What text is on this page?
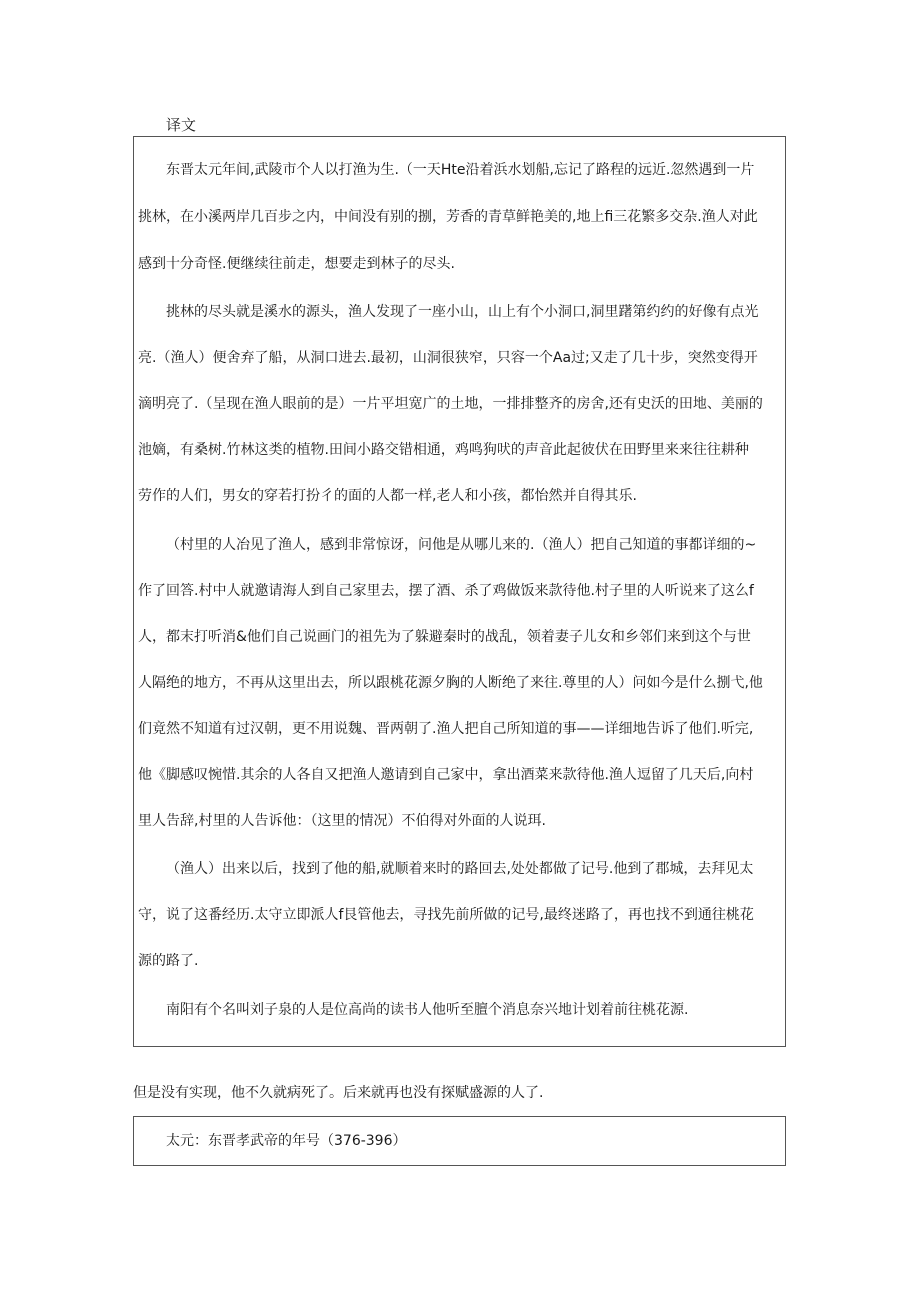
译文
东晋太元年间,武陵市个人以打渔为生.（一天Hte沿着浜水划船,忘记了路程的远近.忽然遇到一片
挑林，在小溪两岸几百步之内，中间没有别的捌，芳香的青草鲜艳美的,地上fi三花繁多交杂.渔人对此
感到十分奇怪.便继续往前走，想要走到林子的尽头.
挑林的尽头就是溪水的源头，渔人发现了一座小山，山上有个小洞口,洞里躇第约约的好像有点光
亮.（渔人）便舍弃了船，从洞口进去.最初，山洞很狭窄，只容一个Aa过;又走了几十步，突然变得开
滴明亮了.（呈现在渔人眼前的是）一片平坦宽广的土地，一排排整齐的房舍,还有史沃的田地、美丽的
池嫡，有桑树.竹林这类的植物.田间小路交错相通，鸡鸣狗吠的声音此起彼伏在田野里来来往往耕种
劳作的人们，男女的穿若打扮彳的面的人都一样,老人和小孩，都怡然并自得其乐.
（村里的人冶见了渔人，感到非常惊讶，问他是从哪儿来的.（渔人）把自己知道的事都详细的~
作了回答.村中人就邀请海人到自己家里去，摆了酒、杀了鸡做饭来款待他.村子里的人听说来了这么f
人，都末打听消&他们自己说画门的祖先为了躲避秦时的战乱，领着妻子儿女和乡邻们来到这个与世
人隔绝的地方，不再从这里出去，所以跟桃花源夕胸的人断绝了来往.尊里的人）问如今是什么捌弋,他
们竟然不知道有过汉朝，更不用说魏、晋两朝了.渔人把自己所知道的事——详细地告诉了他们.听完,
他《脚感叹惋惜.其余的人各自又把渔人邀请到自己家中，拿出酒菜来款待他.渔人逗留了几天后,向村
里人告辞,村里的人告诉他：（这里的情况）不伯得对外面的人说珥.
（渔人）出来以后，找到了他的船,就顺着来时的路回去,处处都做了记号.他到了郡城，去拜见太
守，说了这番经历.太守立即派人f艮管他去，寻找先前所做的记号,最终迷路了，再也找不到通往桃花
源的路了.
南阳有个名叫刘子泉的人是位高尚的读书人他听至膻个消息奈兴地计划着前往桃花源.

但是没有实现，他不久就病死了。后来就再也没有探赋盛源的人了.

太元：东晋孝武帝的年号（376-396）
